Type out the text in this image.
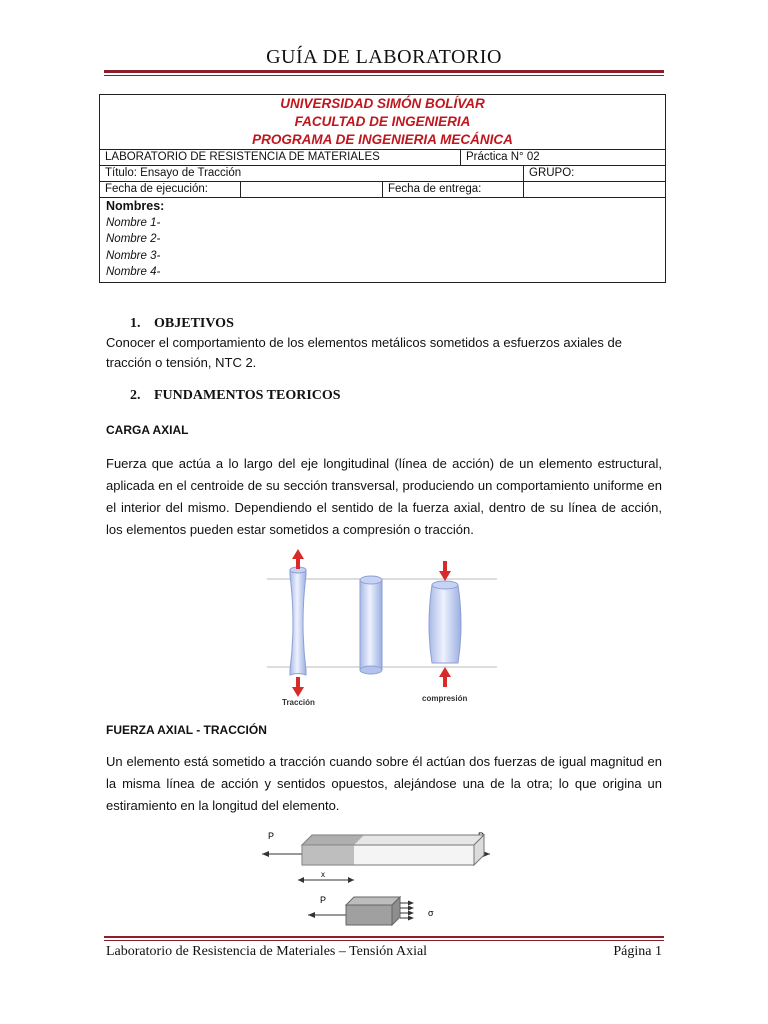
GUÍA DE LABORATORIO
UNIVERSIDAD SIMÓN BOLÍVAR
FACULTAD DE INGENIERIA
PROGRAMA DE INGENIERIA MECÁNICA
LABORATORIO DE RESISTENCIA DE MATERIALES	Práctica N° 02
Título: Ensayo de Tracción	GRUPO:
Fecha de ejecución:	Fecha de entrega:
Nombres:
Nombre 1-
Nombre 2-
Nombre 3-
Nombre 4-
1. OBJETIVOS
Conocer el comportamiento de los elementos metálicos sometidos a esfuerzos axiales de tracción o tensión, NTC 2.
2. FUNDAMENTOS TEORICOS
CARGA AXIAL
Fuerza que actúa a lo largo del eje longitudinal (línea de acción) de un elemento estructural, aplicada en el centroide de su sección transversal, produciendo un comportamiento uniforme en el interior del mismo. Dependiendo el sentido de la fuerza axial, dentro de su línea de acción, los elementos pueden estar sometidos a compresión o tracción.
Tracción	compresión
FUERZA AXIAL - TRACCIÓN
Un elemento está sometido a tracción cuando sobre él actúan dos fuerzas de igual magnitud en la misma línea de acción y sentidos opuestos, alejándose una de la otra; lo que origina un estiramiento en la longitud del elemento.
P
x
P
σ
Laboratorio de Resistencia de Materiales – Tensión Axial	Página 1
